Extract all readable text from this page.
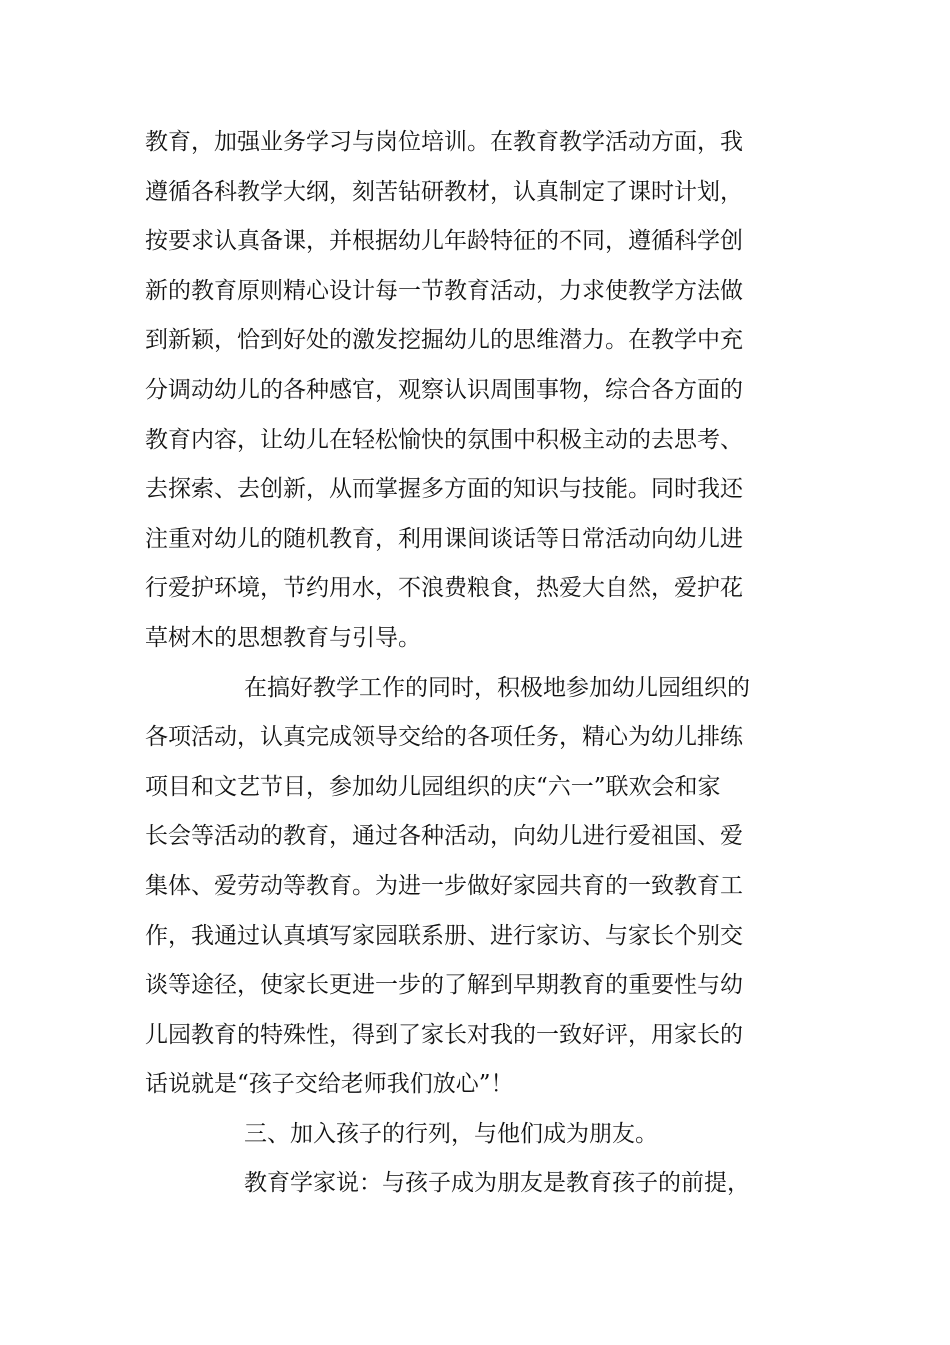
教育，加强业务学习与岗位培训。在教育教学活动方面，我
遵循各科教学大纲，刻苦钻研教材，认真制定了课时计划，
按要求认真备课，并根据幼儿年龄特征的不同，遵循科学创
新的教育原则精心设计每一节教育活动，力求使教学方法做
到新颖，恰到好处的激发挖掘幼儿的思维潜力。在教学中充
分调动幼儿的各种感官，观察认识周围事物，综合各方面的
教育内容，让幼儿在轻松愉快的氛围中积极主动的去思考、
去探索、去创新，从而掌握多方面的知识与技能。同时我还
注重对幼儿的随机教育，利用课间谈话等日常活动向幼儿进
行爱护环境，节约用水，不浪费粮食，热爱大自然，爱护花
草树木的思想教育与引导。
在搞好教学工作的同时，积极地参加幼儿园组织的
各项活动，认真完成领导交给的各项任务，精心为幼儿排练
项目和文艺节目，参加幼儿园组织的庆“六一”联欢会和家
长会等活动的教育，通过各种活动，向幼儿进行爱祖国、爱
集体、爱劳动等教育。为进一步做好家园共育的一致教育工
作，我通过认真填写家园联系册、进行家访、与家长个别交
谈等途径，使家长更进一步的了解到早期教育的重要性与幼
儿园教育的特殊性，得到了家长对我的一致好评，用家长的
话说就是“孩子交给老师我们放心”！
三、加入孩子的行列，与他们成为朋友。
教育学家说：与孩子成为朋友是教育孩子的前提，
